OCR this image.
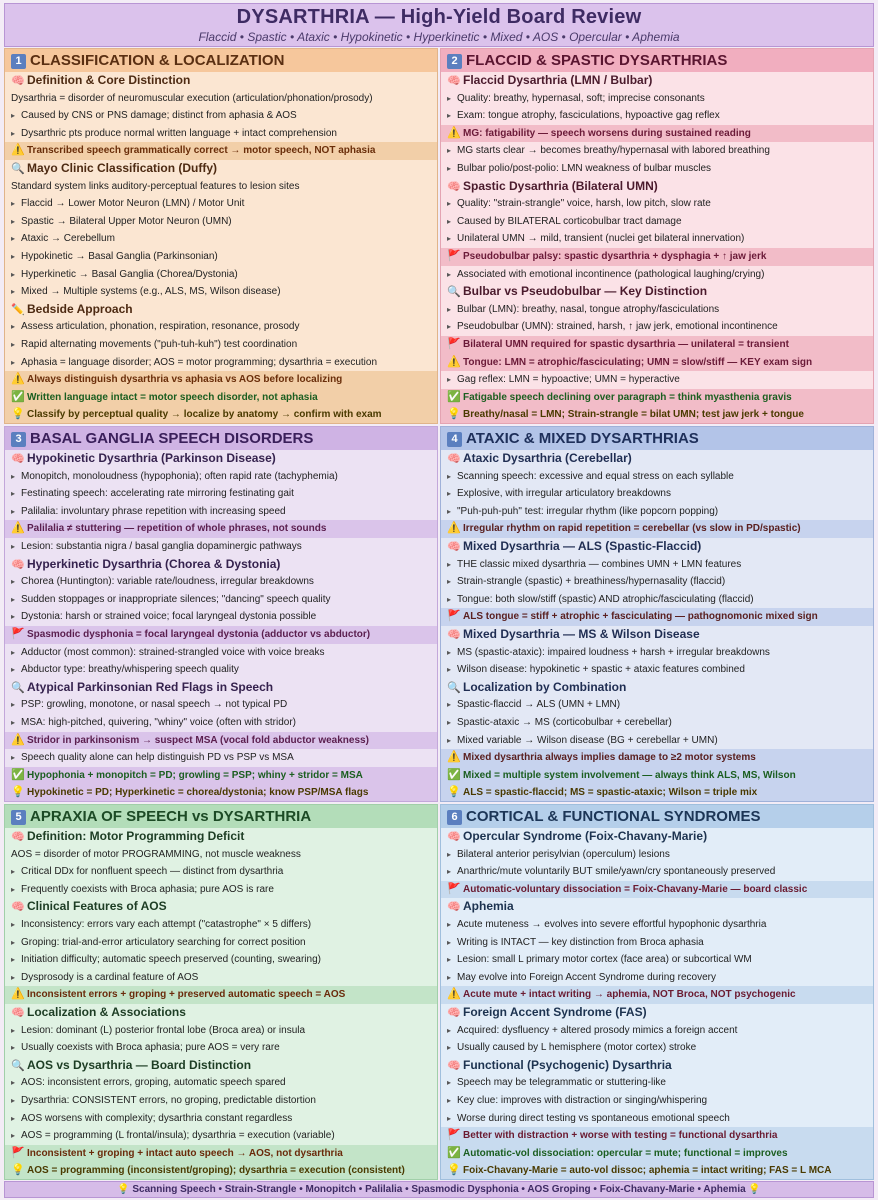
DYSARTHRIA — High-Yield Board Review
Flaccid • Spastic • Ataxic • Hypokinetic • Hyperkinetic • Mixed • AOS • Opercular • Aphemia
1 CLASSIFICATION & LOCALIZATION
🧠 Definition & Core Distinction
Dysarthria = disorder of neuromuscular execution (articulation/phonation/prosody)
▸ Caused by CNS or PNS damage; distinct from aphasia & AOS
▸ Dysarthric pts produce normal written language + intact comprehension
⚠️ Transcribed speech grammatically correct → motor speech, NOT aphasia
🔍 Mayo Clinic Classification (Duffy)
Standard system links auditory-perceptual features to lesion sites
▸ Flaccid → Lower Motor Neuron (LMN) / Motor Unit
▸ Spastic → Bilateral Upper Motor Neuron (UMN)
▸ Ataxic → Cerebellum
▸ Hypokinetic → Basal Ganglia (Parkinsonian)
▸ Hyperkinetic → Basal Ganglia (Chorea/Dystonia)
▸ Mixed → Multiple systems (e.g., ALS, MS, Wilson disease)
✏️ Bedside Approach
▸ Assess articulation, phonation, respiration, resonance, prosody
▸ Rapid alternating movements ("puh-tuh-kuh") test coordination
▸ Aphasia = language disorder; AOS = motor programming; dysarthria = execution
⚠️ Always distinguish dysarthria vs aphasia vs AOS before localizing
✅ Written language intact = motor speech disorder, not aphasia
💡 Classify by perceptual quality → localize by anatomy → confirm with exam
2 FLACCID & SPASTIC DYSARTHRIAS
🧠 Flaccid Dysarthria (LMN / Bulbar)
▸ Quality: breathy, hypernasal, soft; imprecise consonants
▸ Exam: tongue atrophy, fasciculations, hypoactive gag reflex
⚠️ MG: fatigability — speech worsens during sustained reading
▸ MG starts clear → becomes breathy/hypernasal with labored breathing
▸ Bulbar polio/post-polio: LMN weakness of bulbar muscles
🧠 Spastic Dysarthria (Bilateral UMN)
▸ Quality: "strain-strangle" voice, harsh, low pitch, slow rate
▸ Caused by BILATERAL corticobulbar tract damage
▸ Unilateral UMN → mild, transient (nuclei get bilateral innervation)
🚩 Pseudobulbar palsy: spastic dysarthria + dysphagia + ↑ jaw jerk
▸ Associated with emotional incontinence (pathological laughing/crying)
🔍 Bulbar vs Pseudobulbar — Key Distinction
▸ Bulbar (LMN): breathy, nasal, tongue atrophy/fasciculations
▸ Pseudobulbar (UMN): strained, harsh, ↑ jaw jerk, emotional incontinence
🚩 Bilateral UMN required for spastic dysarthria — unilateral = transient
⚠️ Tongue: LMN = atrophic/fasciculating; UMN = slow/stiff — KEY exam sign
▸ Gag reflex: LMN = hypoactive; UMN = hyperactive
✅ Fatigable speech declining over paragraph = think myasthenia gravis
💡 Breathy/nasal = LMN; Strain-strangle = bilat UMN; test jaw jerk + tongue
3 BASAL GANGLIA SPEECH DISORDERS
🧠 Hypokinetic Dysarthria (Parkinson Disease)
▸ Monopitch, monoloudness (hypophonia); often rapid rate (tachyphemia)
▸ Festinating speech: accelerating rate mirroring festinating gait
▸ Palilalia: involuntary phrase repetition with increasing speed
⚠️ Palilalia ≠ stuttering — repetition of whole phrases, not sounds
▸ Lesion: substantia nigra / basal ganglia dopaminergic pathways
🧠 Hyperkinetic Dysarthria (Chorea & Dystonia)
▸ Chorea (Huntington): variable rate/loudness, irregular breakdowns
▸ Sudden stoppages or inappropriate silences; "dancing" speech quality
▸ Dystonia: harsh or strained voice; focal laryngeal dystonia possible
🚩 Spasmodic dysphonia = focal laryngeal dystonia (adductor vs abductor)
▸ Adductor (most common): strained-strangled voice with voice breaks
▸ Abductor type: breathy/whispering speech quality
🔍 Atypical Parkinsonian Red Flags in Speech
▸ PSP: growling, monotone, or nasal speech → not typical PD
▸ MSA: high-pitched, quivering, "whiny" voice (often with stridor)
⚠️ Stridor in parkinsonism → suspect MSA (vocal fold abductor weakness)
▸ Speech quality alone can help distinguish PD vs PSP vs MSA
✅ Hypophonia + monopitch = PD; growling = PSP; whiny + stridor = MSA
💡 Hypokinetic = PD; Hyperkinetic = chorea/dystonia; know PSP/MSA flags
4 ATAXIC & MIXED DYSARTHRIAS
🧠 Ataxic Dysarthria (Cerebellar)
▸ Scanning speech: excessive and equal stress on each syllable
▸ Explosive, with irregular articulatory breakdowns
▸ "Puh-puh-puh" test: irregular rhythm (like popcorn popping)
⚠️ Irregular rhythm on rapid repetition = cerebellar (vs slow in PD/spastic)
🧠 Mixed Dysarthria — ALS (Spastic-Flaccid)
▸ THE classic mixed dysarthria — combines UMN + LMN features
▸ Strain-strangle (spastic) + breathiness/hypernasality (flaccid)
▸ Tongue: both slow/stiff (spastic) AND atrophic/fasciculating (flaccid)
🚩 ALS tongue = stiff + atrophic + fasciculating — pathognomonic mixed sign
🧠 Mixed Dysarthria — MS & Wilson Disease
▸ MS (spastic-ataxic): impaired loudness + harsh + irregular breakdowns
▸ Wilson disease: hypokinetic + spastic + ataxic features combined
🔍 Localization by Combination
▸ Spastic-flaccid → ALS (UMN + LMN)
▸ Spastic-ataxic → MS (corticobulbar + cerebellar)
▸ Mixed variable → Wilson disease (BG + cerebellar + UMN)
⚠️ Mixed dysarthria always implies damage to ≥2 motor systems
✅ Mixed = multiple system involvement — always think ALS, MS, Wilson
💡 ALS = spastic-flaccid; MS = spastic-ataxic; Wilson = triple mix
5 APRAXIA OF SPEECH vs DYSARTHRIA
🧠 Definition: Motor Programming Deficit
AOS = disorder of motor PROGRAMMING, not muscle weakness
▸ Critical DDx for nonfluent speech — distinct from dysarthria
▸ Frequently coexists with Broca aphasia; pure AOS is rare
🧠 Clinical Features of AOS
▸ Inconsistency: errors vary each attempt ("catastrophe" × 5 differs)
▸ Groping: trial-and-error articulatory searching for correct position
▸ Initiation difficulty; automatic speech preserved (counting, swearing)
▸ Dysprosody is a cardinal feature of AOS
⚠️ Inconsistent errors + groping + preserved automatic speech = AOS
🧠 Localization & Associations
▸ Lesion: dominant (L) posterior frontal lobe (Broca area) or insula
▸ Usually coexists with Broca aphasia; pure AOS = very rare
🔍 AOS vs Dysarthria — Board Distinction
▸ AOS: inconsistent errors, groping, automatic speech spared
▸ Dysarthria: CONSISTENT errors, no groping, predictable distortion
▸ AOS worsens with complexity; dysarthria constant regardless
▸ AOS = programming (L frontal/insula); dysarthria = execution (variable)
🚩 Inconsistent + groping + intact auto speech → AOS, not dysarthria
💡 AOS = programming (inconsistent/groping); dysarthria = execution (consistent)
6 CORTICAL & FUNCTIONAL SYNDROMES
🧠 Opercular Syndrome (Foix-Chavany-Marie)
▸ Bilateral anterior perisylvian (operculum) lesions
▸ Anarthric/mute voluntarily BUT smile/yawn/cry spontaneously preserved
🚩 Automatic-voluntary dissociation = Foix-Chavany-Marie — board classic
🧠 Aphemia
▸ Acute muteness → evolves into severe effortful hypophonic dysarthria
▸ Writing is INTACT — key distinction from Broca aphasia
▸ Lesion: small L primary motor cortex (face area) or subcortical WM
▸ May evolve into Foreign Accent Syndrome during recovery
⚠️ Acute mute + intact writing → aphemia, NOT Broca, NOT psychogenic
🧠 Foreign Accent Syndrome (FAS)
▸ Acquired: dysfluency + altered prosody mimics a foreign accent
▸ Usually caused by L hemisphere (motor cortex) stroke
🧠 Functional (Psychogenic) Dysarthria
▸ Speech may be telegrammatic or stuttering-like
▸ Key clue: improves with distraction or singing/whispering
▸ Worse during direct testing vs spontaneous emotional speech
🚩 Better with distraction + worse with testing = functional dysarthria
✅ Automatic-vol dissociation: opercular = mute; functional = improves
💡 Foix-Chavany-Marie = auto-vol dissoc; aphemia = intact writing; FAS = L MCA
💡 Scanning Speech • Strain-Strangle • Monopitch • Palilalia • Spasmodic Dysphonia • AOS Groping • Foix-Chavany-Marie • Aphemia 💡
